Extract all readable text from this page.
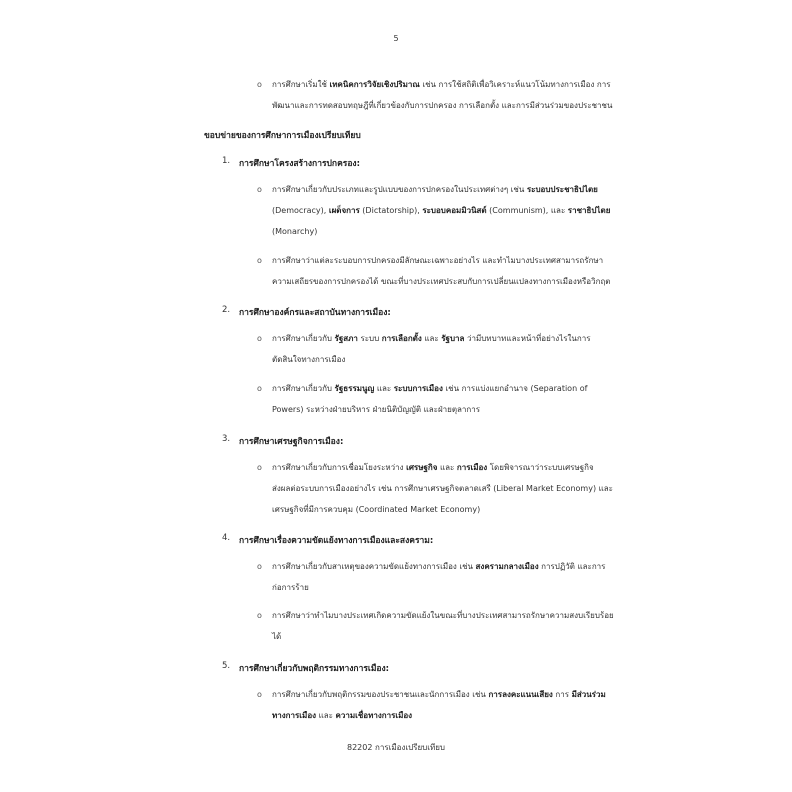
5
o การศึกษาเริ่มใช้ เทคนิคการวิจัยเชิงปริมาณ เช่น การใช้สถิติเพื่อวิเคราะห์แนวโน้มทางการเมือง การ
พัฒนาและการทดสอบทฤษฎีที่เกี่ยวข้องกับการปกครอง การเลือกตั้ง และการมีส่วนร่วมของประชาชน
ขอบข่ายของการศึกษาการเมืองเปรียบเทียบ
1. การศึกษาโครงสร้างการปกครอง:
o การศึกษาเกี่ยวกับประเภทและรูปแบบของการปกครองในประเทศต่างๆ เช่น ระบอบประชาธิปไตย
(Democracy), เผด็จการ (Dictatorship), ระบอบคอมมิวนิสต์ (Communism), และ ราชาธิปไตย
(Monarchy)
o การศึกษาว่าแต่ละระบอบการปกครองมีลักษณะเฉพาะอย่างไร และทำไมบางประเทศสามารถรักษา
ความเสถียรของการปกครองได้ ขณะที่บางประเทศประสบกับการเปลี่ยนแปลงทางการเมืองหรือวิกฤต
2. การศึกษาองค์กรและสถาบันทางการเมือง:
o การศึกษาเกี่ยวกับ รัฐสภา ระบบ การเลือกตั้ง และ รัฐบาล ว่ามีบทบาทและหน้าที่อย่างไรในการ
ตัดสินใจทางการเมือง
o การศึกษาเกี่ยวกับ รัฐธรรมนูญ และ ระบบการเมือง เช่น การแบ่งแยกอำนาจ (Separation of
Powers) ระหว่างฝ่ายบริหาร ฝ่ายนิติบัญญัติ และฝ่ายตุลาการ
3. การศึกษาเศรษฐกิจการเมือง:
o การศึกษาเกี่ยวกับการเชื่อมโยงระหว่าง เศรษฐกิจ และ การเมือง โดยพิจารณาว่าระบบเศรษฐกิจ
ส่งผลต่อระบบการเมืองอย่างไร เช่น การศึกษาเศรษฐกิจตลาดเสรี (Liberal Market Economy) และ
เศรษฐกิจที่มีการควบคุม (Coordinated Market Economy)
4. การศึกษาเรื่องความขัดแย้งทางการเมืองและสงคราม:
o การศึกษาเกี่ยวกับสาเหตุของความขัดแย้งทางการเมือง เช่น สงครามกลางเมือง การปฏิวัติ และการ
ก่อการร้าย
o การศึกษาว่าทำไมบางประเทศเกิดความขัดแย้งในขณะที่บางประเทศสามารถรักษาความสงบเรียบร้อย
ได้
5. การศึกษาเกี่ยวกับพฤติกรรมทางการเมือง:
o การศึกษาเกี่ยวกับพฤติกรรมของประชาชนและนักการเมือง เช่น การลงคะแนนเสียง การ มีส่วนร่วม
ทางการเมือง และ ความเชื่อทางการเมือง
82202 การเมืองเปรียบเทียบ
